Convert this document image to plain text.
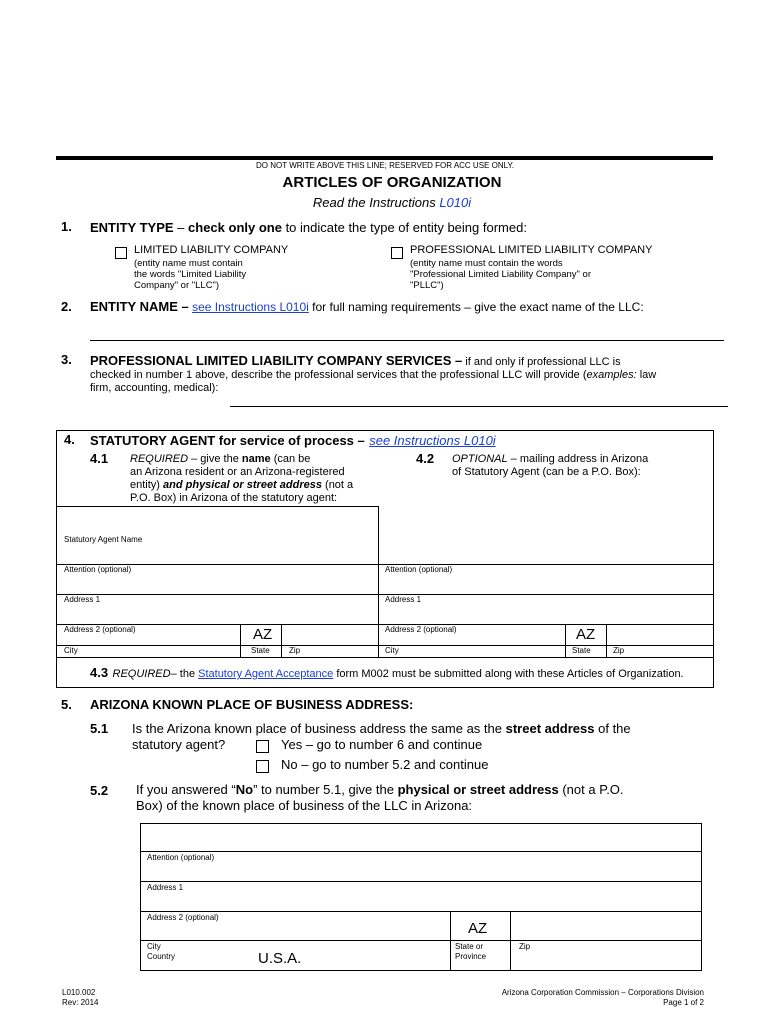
DO NOT WRITE ABOVE THIS LINE; RESERVED FOR ACC USE ONLY.
ARTICLES OF ORGANIZATION
Read the Instructions L010i
1. ENTITY TYPE – check only one to indicate the type of entity being formed:
LIMITED LIABILITY COMPANY
(entity name must contain
the words "Limited Liability
Company" or "LLC")
PROFESSIONAL LIMITED LIABILITY COMPANY
(entity name must contain the words
"Professional Limited Liability Company" or
"PLLC")
2. ENTITY NAME – see Instructions L010i for full naming requirements – give the exact name of the LLC:
3. PROFESSIONAL LIMITED LIABILITY COMPANY SERVICES – if and only if professional LLC is
checked in number 1 above, describe the professional services that the professional LLC will provide (examples: law
firm, accounting, medical):
4. STATUTORY AGENT for service of process – see Instructions L010i
4.1 REQUIRED – give the name (can be
an Arizona resident or an Arizona-registered
entity) and physical or street address (not a
P.O. Box) in Arizona of the statutory agent:
4.2 OPTIONAL – mailing address in Arizona
of Statutory Agent (can be a P.O. Box):
Statutory Agent Name
Attention (optional)	Attention (optional)
Address 1	Address 1
Address 2 (optional)	Address 2 (optional)
AZ	AZ
City	State Zip	City	State	Zip
4.3 REQUIRED– the Statutory Agent Acceptance form M002 must be submitted along with these Articles of Organization.
5. ARIZONA KNOWN PLACE OF BUSINESS ADDRESS:
5.1 Is the Arizona known place of business address the same as the street address of the
statutory agent?	Yes – go to number 6 and continue
No – go to number 5.2 and continue
5.2 If you answered “No” to number 5.1, give the physical or street address (not a P.O.
Box) of the known place of business of the LLC in Arizona:
Attention (optional)
Address 1
Address 2 (optional)
AZ
City
Country	U.S.A.
State or
Province
Zip
L010.002
Rev: 2014
Arizona Corporation Commission – Corporations Division
Page 1 of 2
